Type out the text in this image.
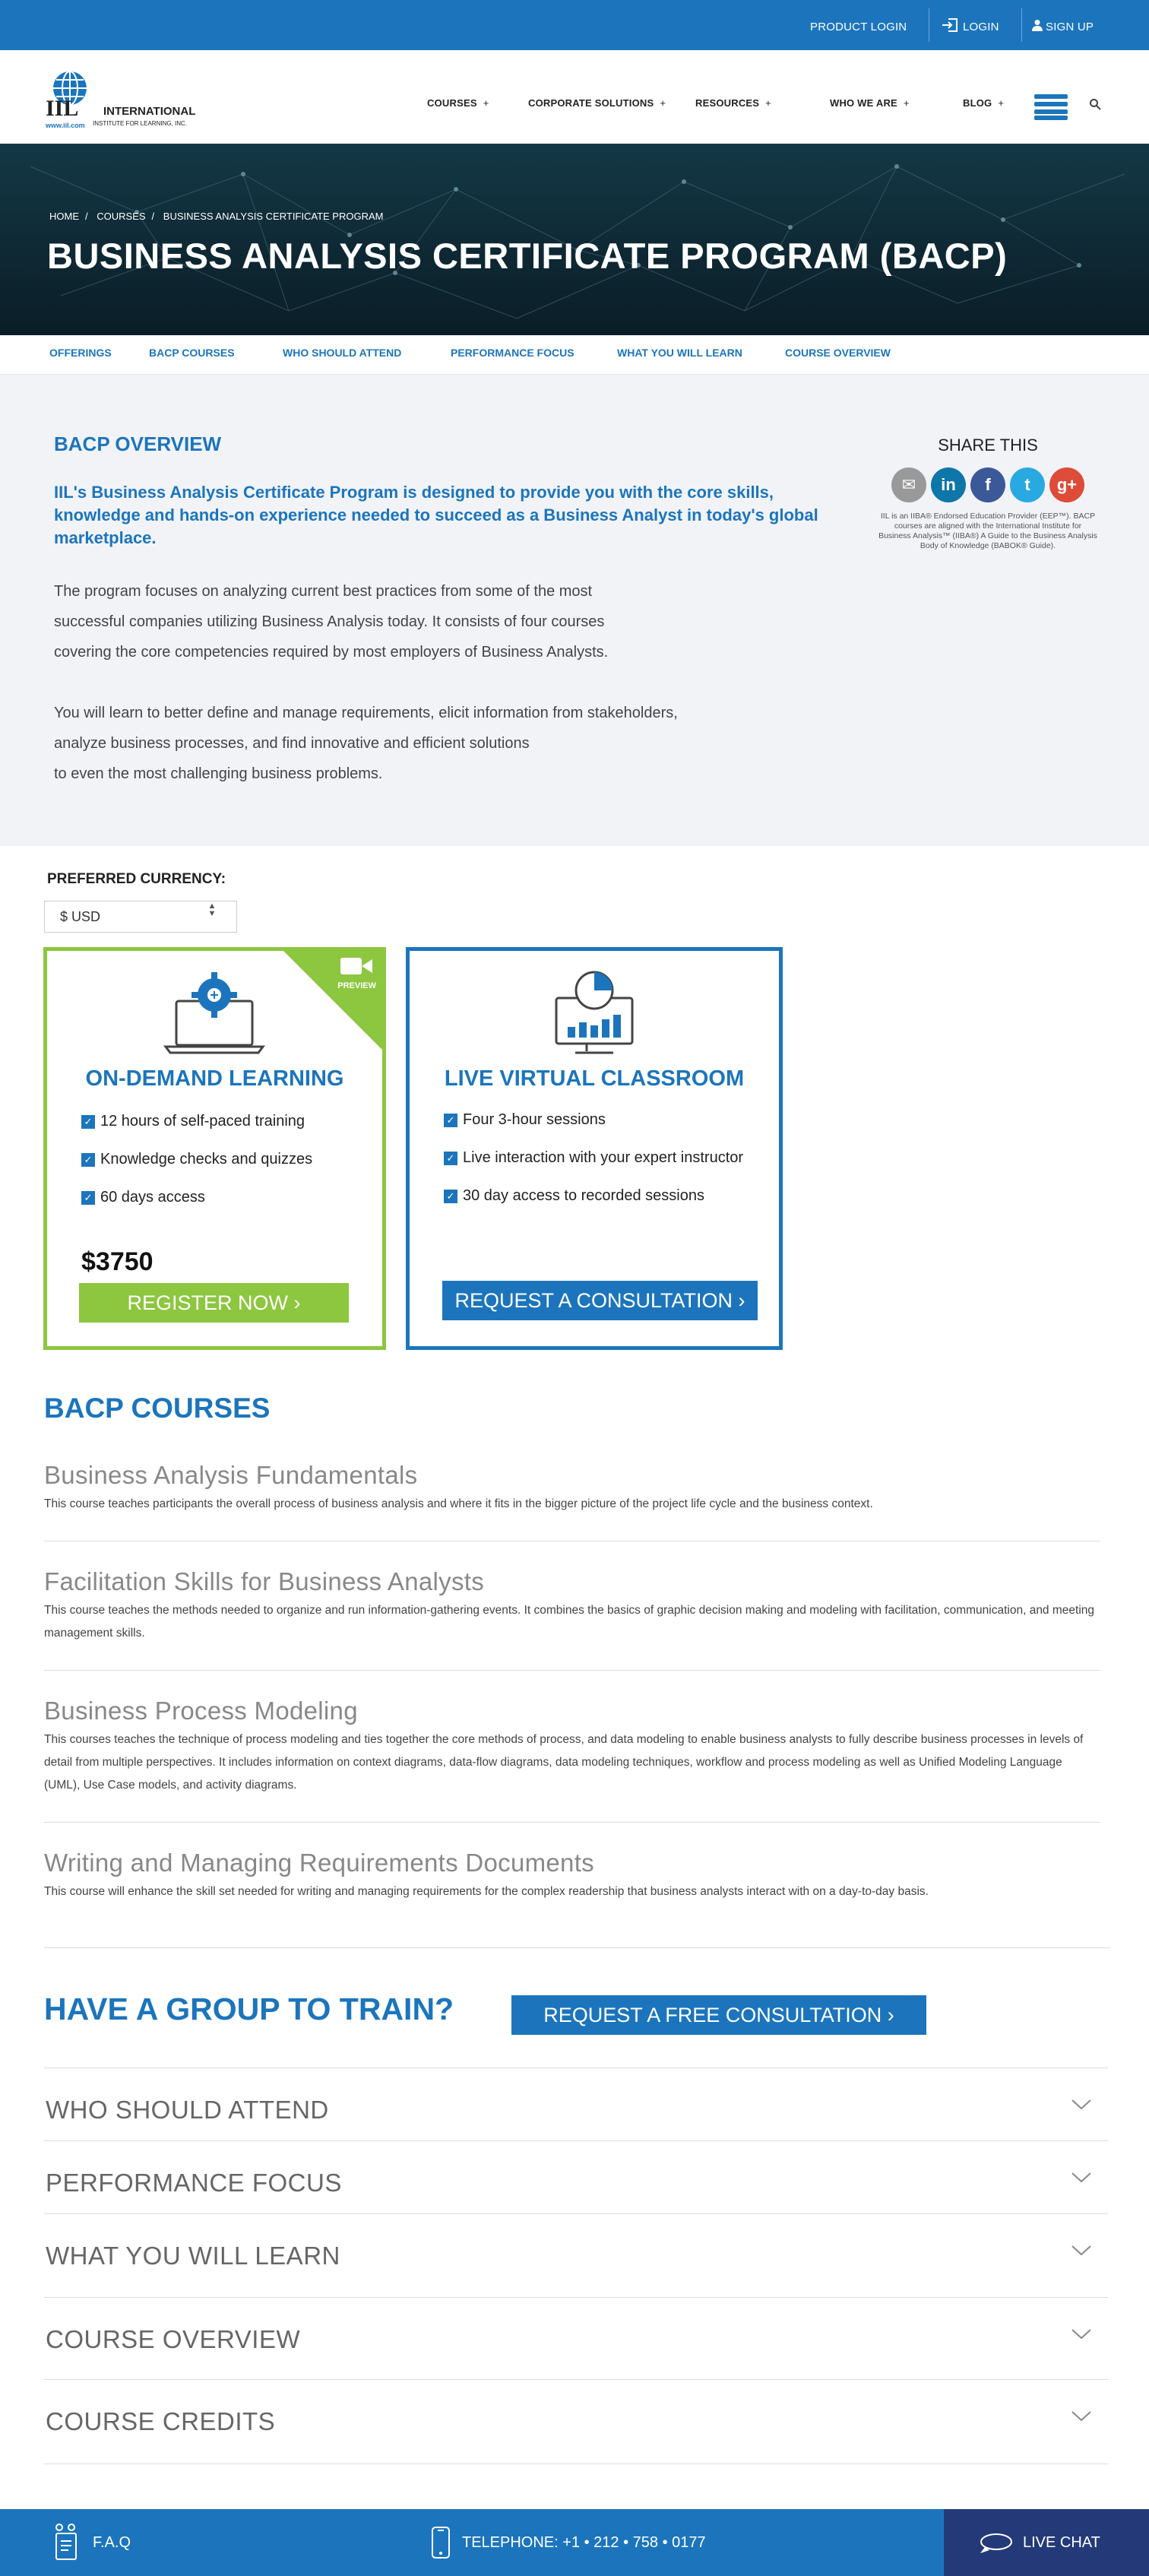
PRODUCT LOGIN	LOGIN	SIGN UP
IIL
www.iil.com
INTERNATIONAL
INSTITUTE FOR LEARNING, INC.
COURSES +	CORPORATE SOLUTIONS +	RESOURCES +	WHO WE ARE +	BLOG +
HOME / COURSES / BUSINESS ANALYSIS CERTIFICATE PROGRAM
BUSINESS ANALYSIS CERTIFICATE PROGRAM (BACP)
OFFERINGS	BACP COURSES	WHO SHOULD ATTEND	PERFORMANCE FOCUS	WHAT YOU WILL LEARN	COURSE OVERVIEW
BACP OVERVIEW
IIL's Business Analysis Certificate Program is designed to provide you with the core skills, knowledge and hands-on experience needed to succeed as a Business Analyst in today's global marketplace.
The program focuses on analyzing current best practices from some of the most
successful companies utilizing Business Analysis today. It consists of four courses
covering the core competencies required by most employers of Business Analysts.
You will learn to better define and manage requirements, elicit information from stakeholders,
analyze business processes, and find innovative and efficient solutions
to even the most challenging business problems.
SHARE THIS
✉	in	f	t	g+
IIL is an IIBA® Endorsed Education Provider (EEP™). BACP courses are aligned with the International Institute for Business Analysis™ (IIBA®) A Guide to the Business Analysis Body of Knowledge (BABOK® Guide).
PREFERRED CURRENCY:
$ USD	▲▼
PREVIEW
ON-DEMAND LEARNING
✓ 12 hours of self-paced training
✓ Knowledge checks and quizzes
✓ 60 days access
$3750
REGISTER NOW ›
LIVE VIRTUAL CLASSROOM
✓ Four 3-hour sessions
✓ Live interaction with your expert instructor
✓ 30 day access to recorded sessions
REQUEST A CONSULTATION ›
BACP COURSES
Business Analysis Fundamentals

This course teaches participants the overall process of business analysis and where it fits in the bigger picture of the project life cycle and the business context.

Facilitation Skills for Business Analysts

This course teaches the methods needed to organize and run information-gathering events. It combines the basics of graphic decision making and modeling with facilitation, communication, and meeting management skills.

Business Process Modeling

This courses teaches the technique of process modeling and ties together the core methods of process, and data modeling to enable business analysts to fully describe business processes in levels of detail from multiple perspectives. It includes information on context diagrams, data-flow diagrams, data modeling techniques, workflow and process modeling as well as Unified Modeling Language (UML), Use Case models, and activity diagrams.

Writing and Managing Requirements Documents

This course will enhance the skill set needed for writing and managing requirements for the complex readership that business analysts interact with on a day-to-day basis.

HAVE A GROUP TO TRAIN?	REQUEST A FREE CONSULTATION ›
WHO SHOULD ATTEND
PERFORMANCE FOCUS
WHAT YOU WILL LEARN
COURSE OVERVIEW
COURSE CREDITS
F.A.Q	TELEPHONE: +1 • 212 • 758 • 0177	LIVE CHAT
